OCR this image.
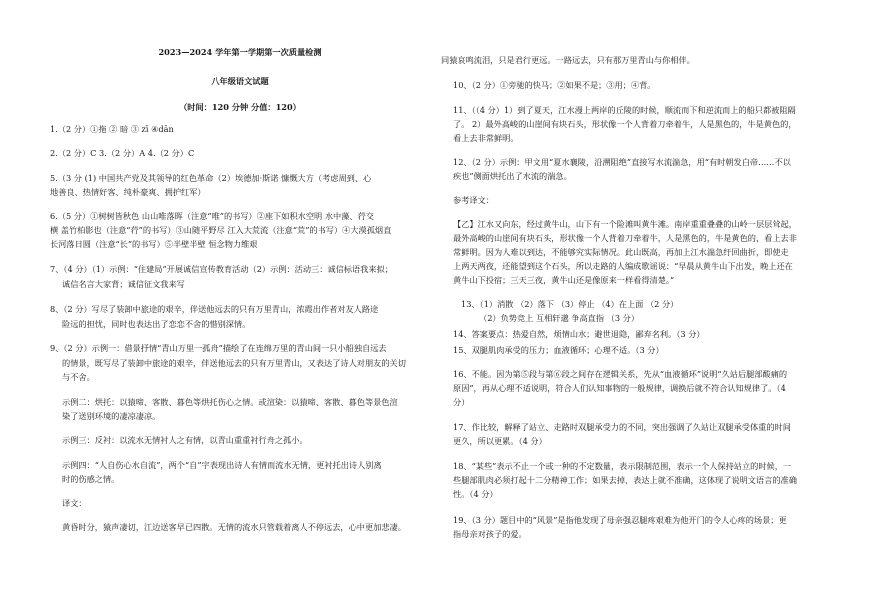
2023—2024 学年第一学期第一次质量检测
八年级语文试题
（时间：120 分钟 分值：120）
1.（2 分）①拖 ② 暗 ③ zī ④dān
2.（2 分）C 3.（2 分）A 4.（2 分）C
5.（3 分 (1) 中国共产党及其领导的红色革命（2）埃德加·斯诺 慷慨大方（考虑周到、心
地善良、热情好客、纯朴豪爽、拥护红军）
6.（5 分）①树树皆秋色 山山唯落晖（注意“唯”的书写）②座下如积水空明 水中藻、荇交
横 盖竹柏影也（注意“荇”的书写）③山随平野尽 江入大荒流（注意“荒”的书写）④大漠孤烟直
长河落日圆（注意“长”的书写）⑤半壁半壁 恒念物力维艰
7、（4 分）（1）示例：“住建局”开展诚信宣传教育活动（2）示例：活动三：诚信标语我来拟；
诚信名言大家背；诚信征文我来写
8、（2 分）写尽了装卸中旅途的艰辛，伴送他远去的只有万里青山，浓霞出作者对友人路途
险远的担忧，同时也表达出了恋恋不舍的惜别深情。
9、（2 分）示例一：借景抒情“青山万里一孤舟”描绘了在连绵万里的青山间一只小船独自远去
的情景，既写尽了装卸中旅途的艰辛，伴送他远去的只有万里青山，又表达了诗人对朋友的关切
与不舍。
示例二：烘托：以猿啼、客散、暮色等烘托伤心之情。或渲染：以猿啼、客散、暮色等景色渲
染了送别环境的凄凉凄凉。
示例三：反衬：以流水无情衬人之有情，以青山重重衬行舟之孤小。
示例四：“人自伤心水自流”，两个“自”字表现出诗人有情而流水无情，更衬托出诗人别离
时的伤感之情。
译文：
黄昏时分，猿声凄切，江边送客早已四散。无情的流水只管载着离人不停远去，心中更加悲凄。
同猿哀鸣流泪，只是君行更远。一路远去，只有那万里青山与你相伴。
10、（2 分）①旁驰的快马；②如果不是；③用；④背。
11、（（4 分）1）到了夏天，江水漫上两岸的丘陵的时候，顺流而下和逆流而上的船只都被阻隔
了。 2）最外高峻的山崖间有块石头，形状像一个人背着刀牵着牛，人是黑色的，牛是黄色的，
看上去非常鲜明。
12、（2 分）示例：甲文用“夏水襄陵，沿溯阻绝”直接写水流湍急，用“有时朝发白帝……不以
疾也”侧面烘托出了水流的湍急。
参考译文：
【乙】江水又向东，经过黄牛山，山下有一个险滩叫黄牛滩。南岸重重叠叠的山岭一层层耸起，
最外高峻的山崖间有块石头，形状像一个人背着刀牵着牛，人是黑色的，牛是黄色的，看上去非
常鲜明。因为人难以到达，不能够究实际情况。此山既高，再加上江水湍急纡回曲折，即使走
上两天两夜，还能望到这个石头，所以走路的人编成歌谣说：“早晨从黄牛山下出发，晚上还在
黄牛山下投宿；三天三夜，黄牛山还是像原来一样看得清楚。”
13、（1）消散 （2）落下 （3）停止 （4）在上面 （2 分）
（2）负势竞上 互相轩邈 争高直指 （3 分）
14、答案要点：热爱自然，烦情山水；避世退隐，鄙弃名利。（3 分）
15、双腿肌肉承受的压力；血液循环；心理不适。（3 分）
16、不能。因为第⑤段与第⑥段之间存在逻辑关系，先从“血液循环”说明“久站后腿部酸痛的
原因”，再从心理不适说明，符合人们认知事物的一般规律，调换后就不符合认知规律了。（4
分）
17、作比较，解释了站立、走路时双腿承受力的不同，突出强调了久站让双腿承受体重的时间
更久，所以更累。（4 分）
18、“某些”表示不止一个或一种的不定数量，表示限制范围，表示一个人保持站立的时候，一
些腿部肌肉必须打起十二分精神工作；如果去掉，表达上就不准确，这体现了说明文语言的准确
性。（4 分）
19、（3 分）题目中的“风景”是指他发现了母亲强忍腿疼艰难为他开门的令人心疼的场景；更
指母亲对孩子的爱。
